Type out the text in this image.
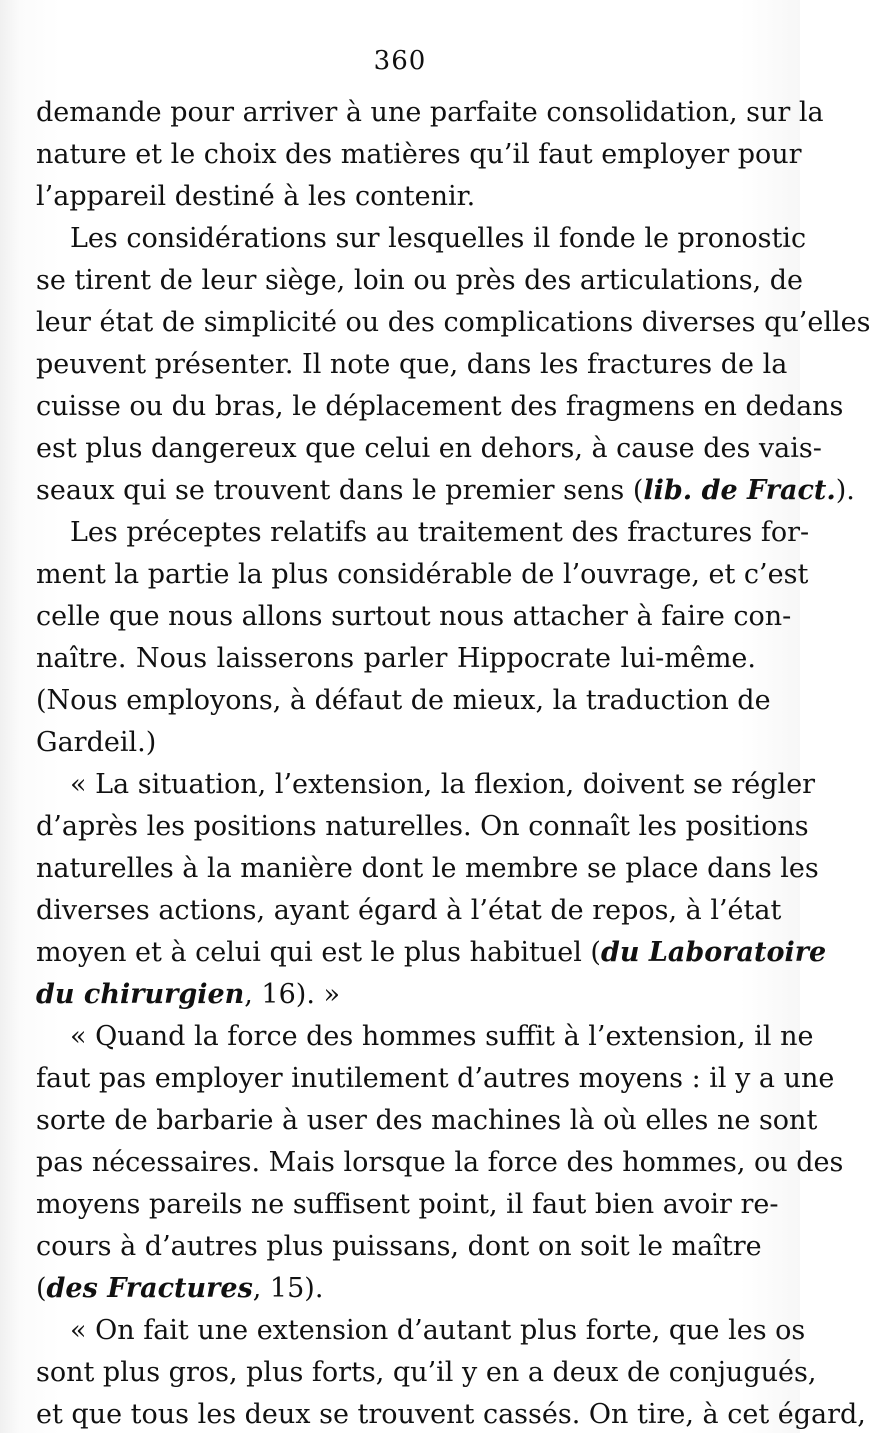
360
demande pour arriver à une parfaite consolidation, sur la
nature et le choix des matières qu’il faut employer pour
l’appareil destiné à les contenir.
Les considérations sur lesquelles il fonde le pronostic
se tirent de leur siège, loin ou près des articulations, de
leur état de simplicité ou des complications diverses qu’elles
peuvent présenter. Il note que, dans les fractures de la
cuisse ou du bras, le déplacement des fragmens en dedans
est plus dangereux que celui en dehors, à cause des vais-
seaux qui se trouvent dans le premier sens (lib. de Fract.).
Les préceptes relatifs au traitement des fractures for-
ment la partie la plus considérable de l’ouvrage, et c’est
celle que nous allons surtout nous attacher à faire con-
naître. Nous laisserons parler Hippocrate lui-même.
(Nous employons, à défaut de mieux, la traduction de
Gardeil.)
« La situation, l’extension, la flexion, doivent se régler
d’après les positions naturelles. On connaît les positions
naturelles à la manière dont le membre se place dans les
diverses actions, ayant égard à l’état de repos, à l’état
moyen et à celui qui est le plus habituel (du Laboratoire
du chirurgien, 16). »
« Quand la force des hommes suffit à l’extension, il ne
faut pas employer inutilement d’autres moyens : il y a une
sorte de barbarie à user des machines là où elles ne sont
pas nécessaires. Mais lorsque la force des hommes, ou des
moyens pareils ne suffisent point, il faut bien avoir re-
cours à d’autres plus puissans, dont on soit le maître
(des Fractures, 15).
« On fait une extension d’autant plus forte, que les os
sont plus gros, plus forts, qu’il y en a deux de conjugués,
et que tous les deux se trouvent cassés. On tire, à cet égard,
